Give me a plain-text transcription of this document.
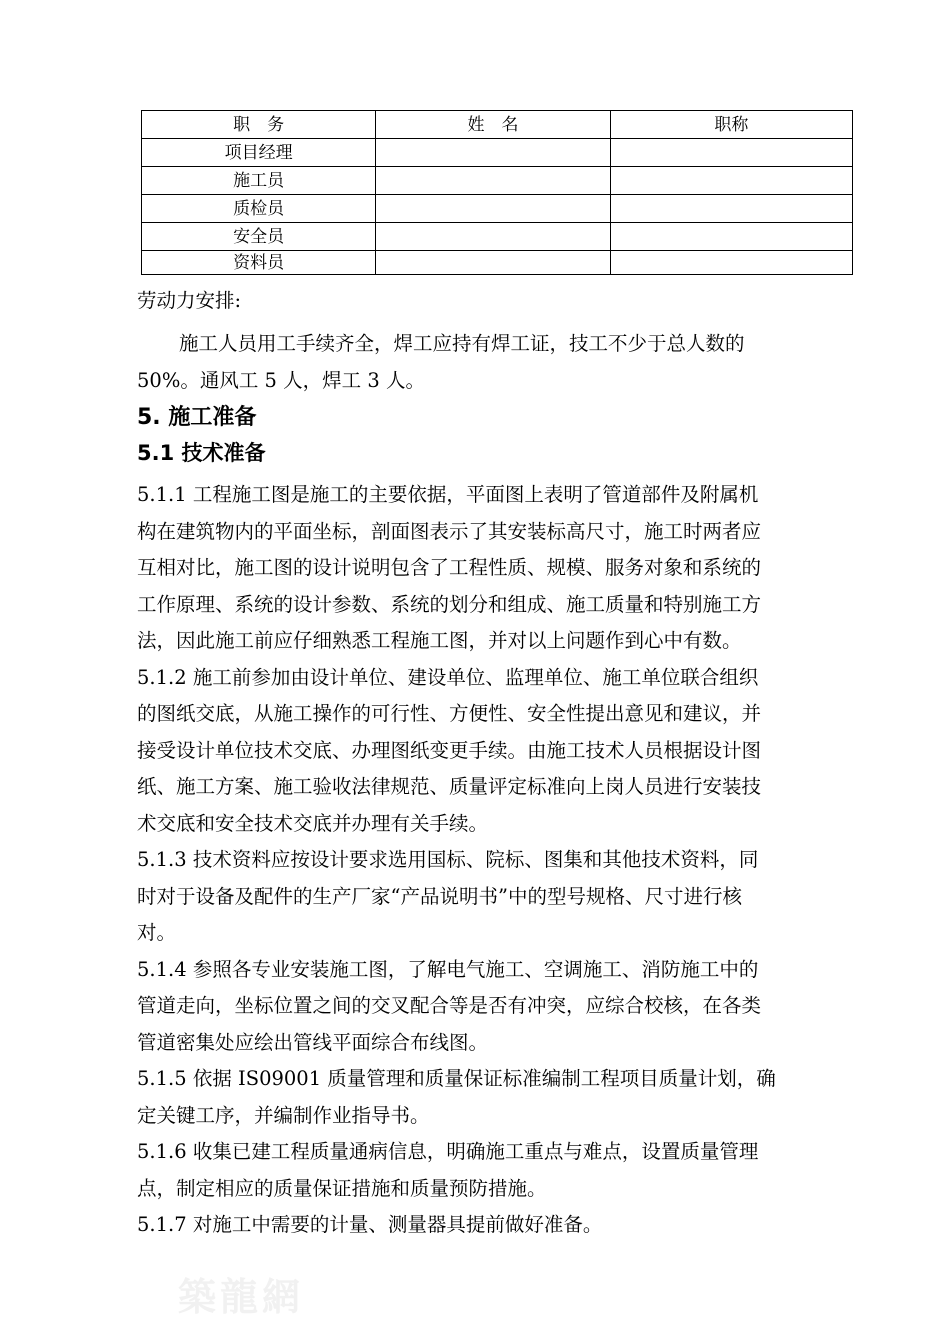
职　务	姓　名	职称
项目经理		
施工员		
质检员		
安全员		
资料员		
劳动力安排:
施工人员用工手续齐全，焊工应持有焊工证，技工不少于总人数的
50%。通风工 5 人，焊工 3 人。
5. 施工准备
5.1 技术准备
5.1.1 工程施工图是施工的主要依据，平面图上表明了管道部件及附属机
构在建筑物内的平面坐标，剖面图表示了其安装标高尺寸，施工时两者应
互相对比，施工图的设计说明包含了工程性质、规模、服务对象和系统的
工作原理、系统的设计参数、系统的划分和组成、施工质量和特别施工方
法，因此施工前应仔细熟悉工程施工图，并对以上问题作到心中有数。
5.1.2 施工前参加由设计单位、建设单位、监理单位、施工单位联合组织
的图纸交底，从施工操作的可行性、方便性、安全性提出意见和建议，并
接受设计单位技术交底、办理图纸变更手续。由施工技术人员根据设计图
纸、施工方案、施工验收法律规范、质量评定标准向上岗人员进行安装技
术交底和安全技术交底并办理有关手续。
5.1.3 技术资料应按设计要求选用国标、院标、图集和其他技术资料，同
时对于设备及配件的生产厂家“产品说明书”中的型号规格、尺寸进行核
对。
5.1.4 参照各专业安装施工图，了解电气施工、空调施工、消防施工中的
管道走向，坐标位置之间的交叉配合等是否有冲突，应综合校核，在各类
管道密集处应绘出管线平面综合布线图。
5.1.5 依据 IS09001 质量管理和质量保证标准编制工程项目质量计划，确
定关键工序，并编制作业指导书。
5.1.6 收集已建工程质量通病信息，明确施工重点与难点，设置质量管理
点，制定相应的质量保证措施和质量预防措施。
5.1.7 对施工中需要的计量、测量器具提前做好准备。
築龍網
